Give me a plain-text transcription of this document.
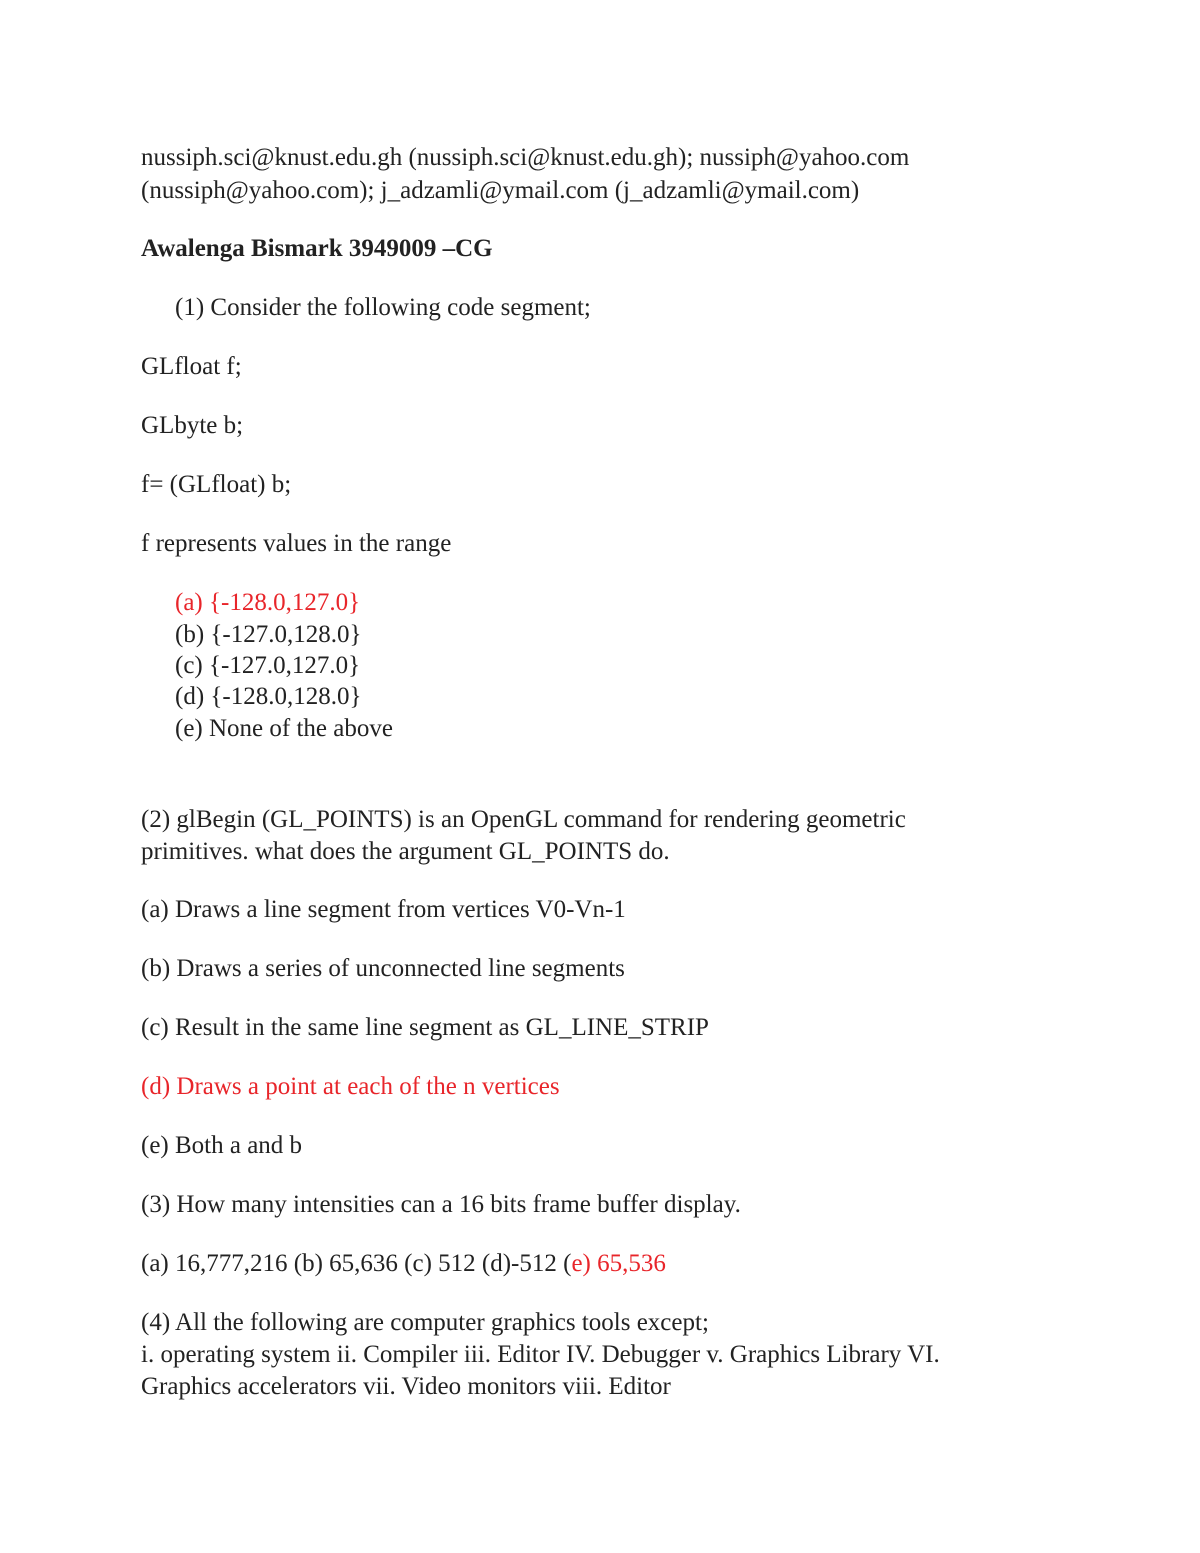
nussiph.sci@knust.edu.gh (nussiph.sci@knust.edu.gh); nussiph@yahoo.com

(nussiph@yahoo.com); j_adzamli@ymail.com (j_adzamli@ymail.com)

Awalenga Bismark 3949009 –CG

(1) Consider the following code segment;

GLfloat f;

GLbyte b;

f= (GLfloat) b;

f represents values in the range

(a) {-128.0,127.0}

(b) {-127.0,128.0}

(c) {-127.0,127.0}

(d) {-128.0,128.0}

(e) None of the above

(2) glBegin (GL_POINTS) is an OpenGL command for rendering geometric

primitives. what does the argument GL_POINTS do.

(a) Draws a line segment from vertices V0-Vn-1

(b) Draws a series of unconnected line segments

(c) Result in the same line segment as GL_LINE_STRIP

(d) Draws a point at each of the n vertices

(e) Both a and b

(3) How many intensities can a 16 bits frame buffer display.

(a) 16,777,216 (b) 65,636 (c) 512 (d)-512 (e) 65,536

(4) All the following are computer graphics tools except;

i. operating system ii. Compiler iii. Editor IV. Debugger v. Graphics Library VI.

Graphics accelerators vii. Video monitors viii. Editor
